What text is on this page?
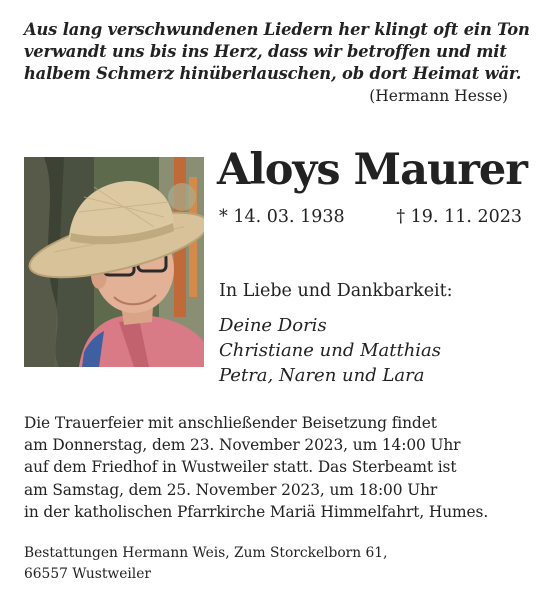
Aus lang verschwundenen Liedern her klingt oft ein Ton
verwandt uns bis ins Herz, dass wir betroffen und mit
halbem Schmerz hinüberlauschen, ob dort Heimat wär.

(Hermann Hesse)
Aloys Maurer
* 14. 03. 1938	† 19. 11. 2023
In Liebe und Dankbarkeit:
Deine Doris
Christiane und Matthias
Petra, Naren und Lara

Die Trauerfeier mit anschließender Beisetzung findet
am Donnerstag, dem 23. November 2023, um 14:00 Uhr
auf dem Friedhof in Wustweiler statt. Das Sterbeamt ist
am Samstag, dem 25. November 2023, um 18:00 Uhr
in der katholischen Pfarrkirche Mariä Himmelfahrt, Humes.

Bestattungen Hermann Weis, Zum Storckelborn 61,
66557 Wustweiler
